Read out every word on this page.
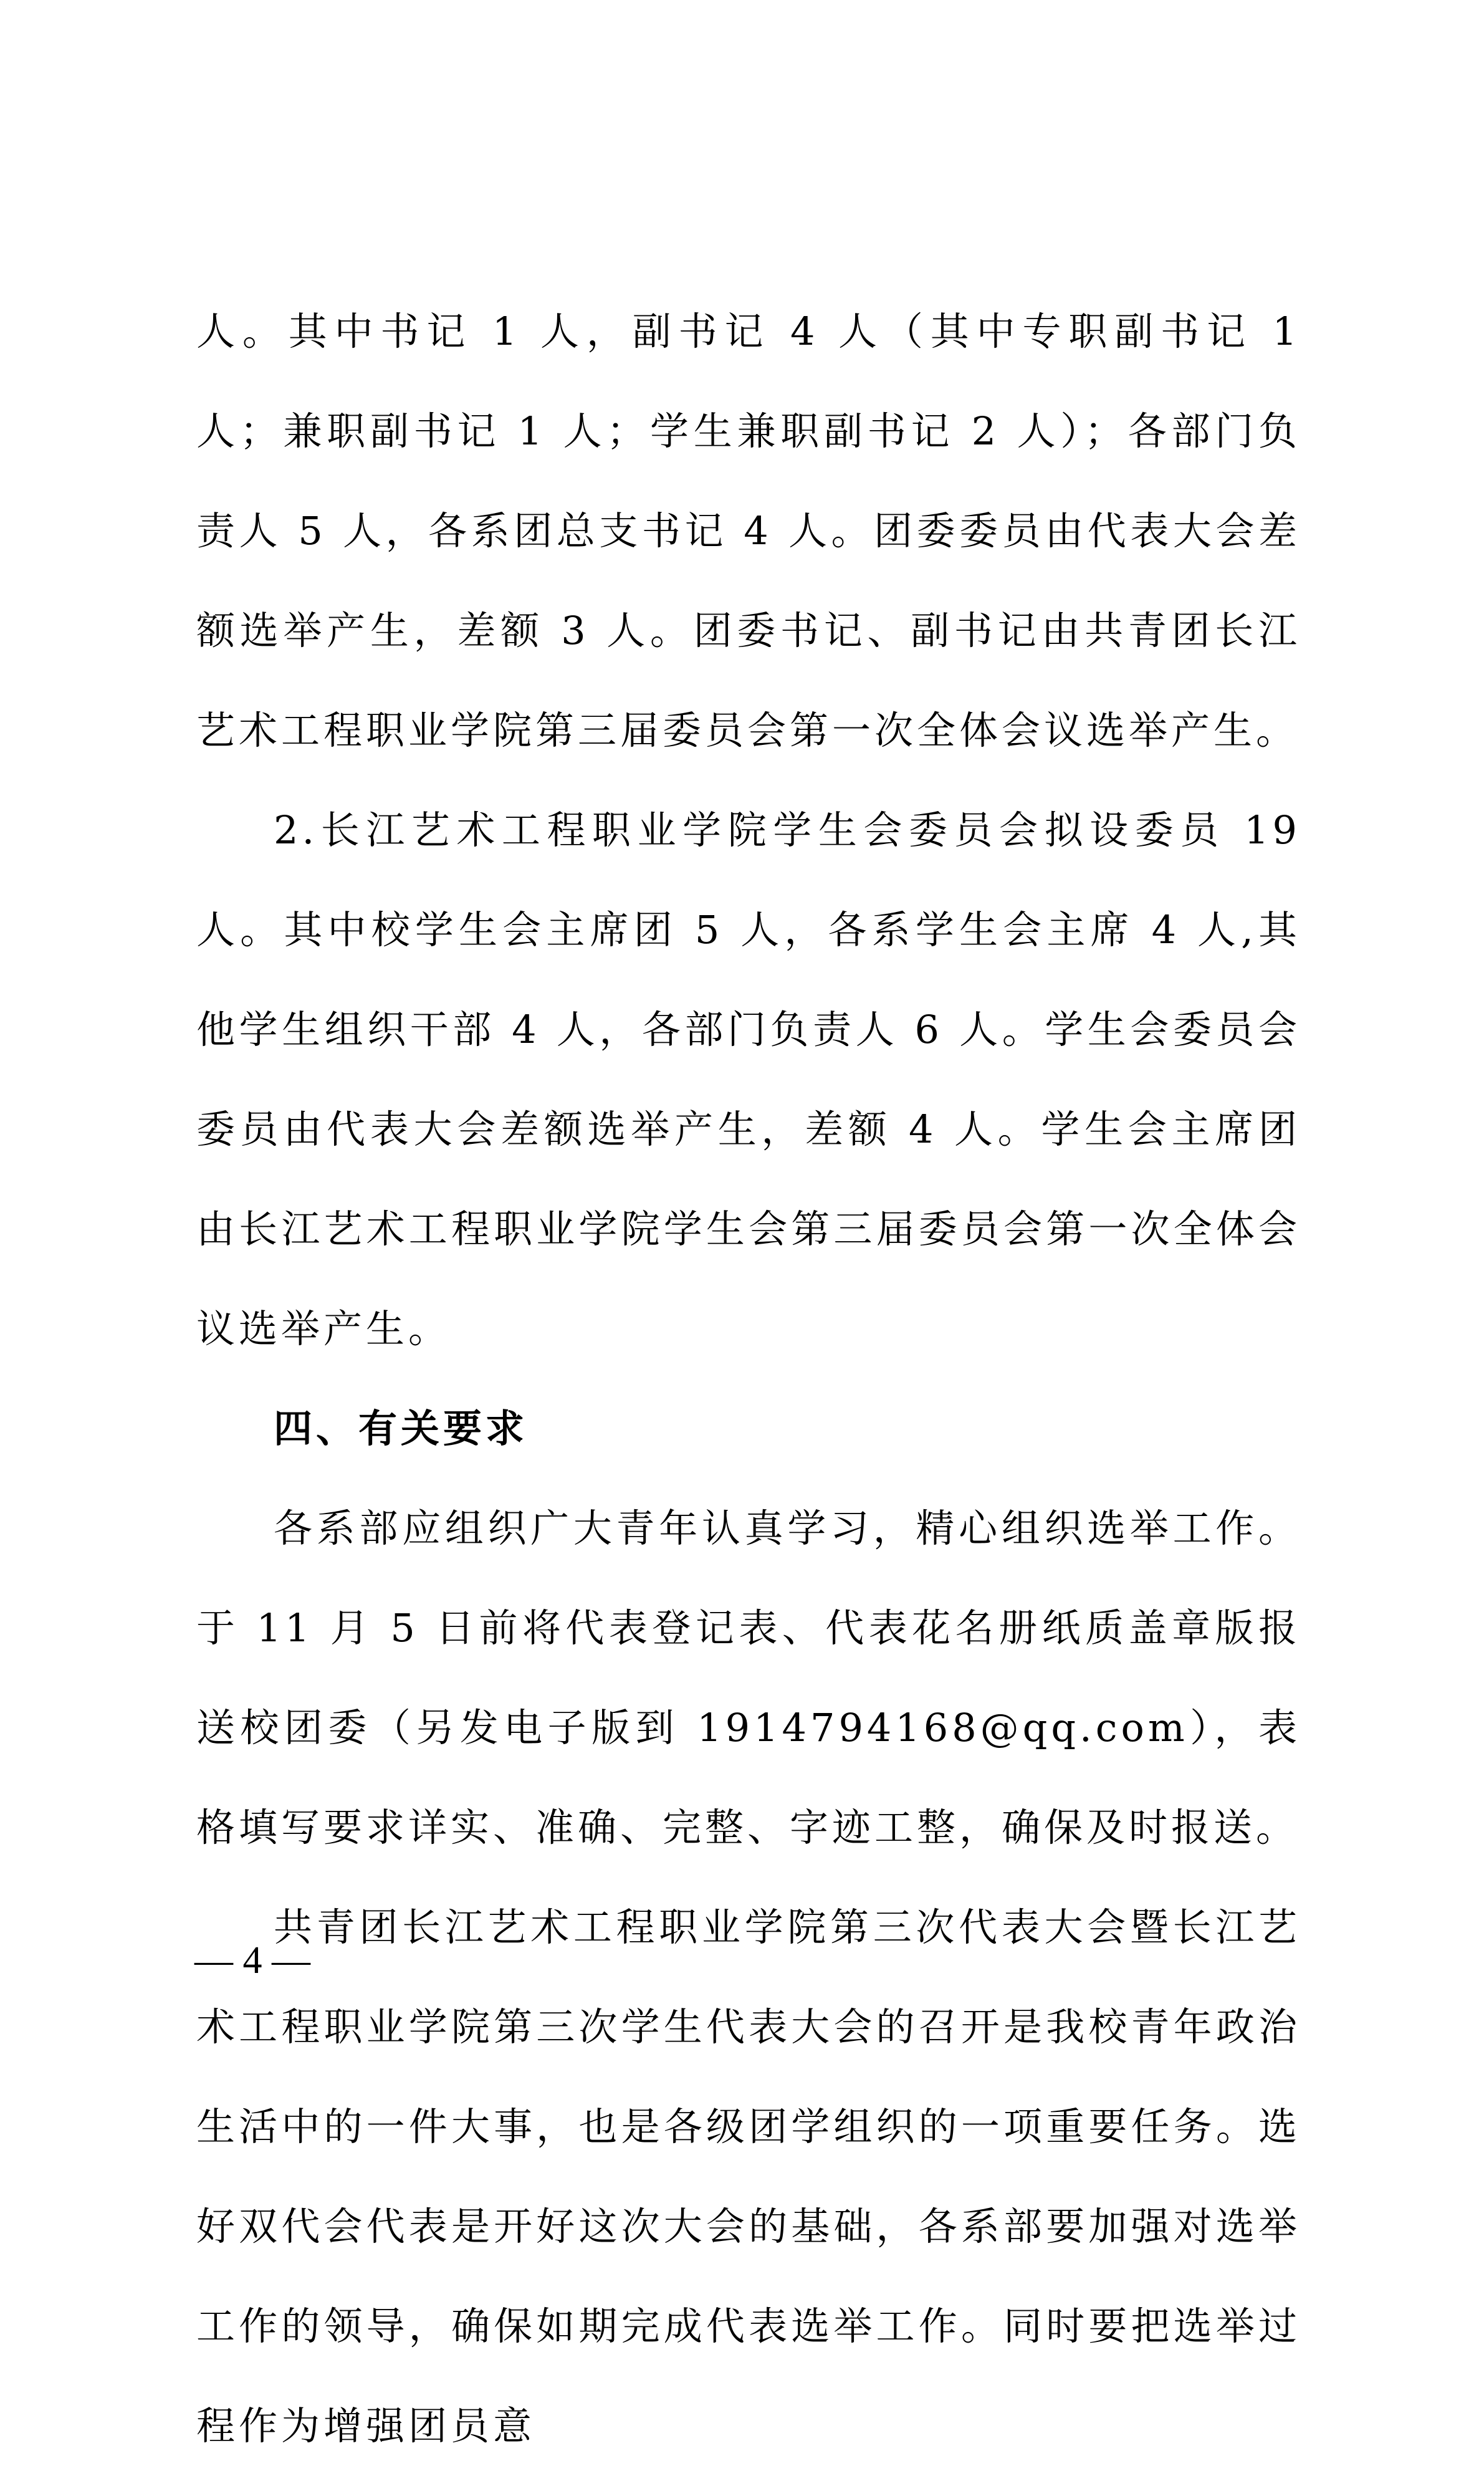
人。其中书记 1 人，副书记 4 人（其中专职副书记 1 人；兼职副书记 1 人；学生兼职副书记 2 人）；各部门负责人 5 人，各系团总支书记 4 人。团委委员由代表大会差额选举产生，差额 3 人。团委书记、副书记由共青团长江艺术工程职业学院第三届委员会第一次全体会议选举产生。

2.长江艺术工程职业学院学生会委员会拟设委员 19 人。其中校学生会主席团 5 人，各系学生会主席 4 人,其他学生组织干部 4 人，各部门负责人 6 人。学生会委员会委员由代表大会差额选举产生，差额 4 人。学生会主席团由长江艺术工程职业学院学生会第三届委员会第一次全体会议选举产生。

四、有关要求

各系部应组织广大青年认真学习，精心组织选举工作。于 11 月 5 日前将代表登记表、代表花名册纸质盖章版报送校团委（另发电子版到 1914794168@qq.com），表格填写要求详实、准确、完整、字迹工整，确保及时报送。

共青团长江艺术工程职业学院第三次代表大会暨长江艺术工程职业学院第三次学生代表大会的召开是我校青年政治生活中的一件大事，也是各级团学组织的一项重要任务。选好双代会代表是开好这次大会的基础，各系部要加强对选举工作的领导，确保如期完成代表选举工作。同时要把选举过程作为增强团员意

— 4 —
